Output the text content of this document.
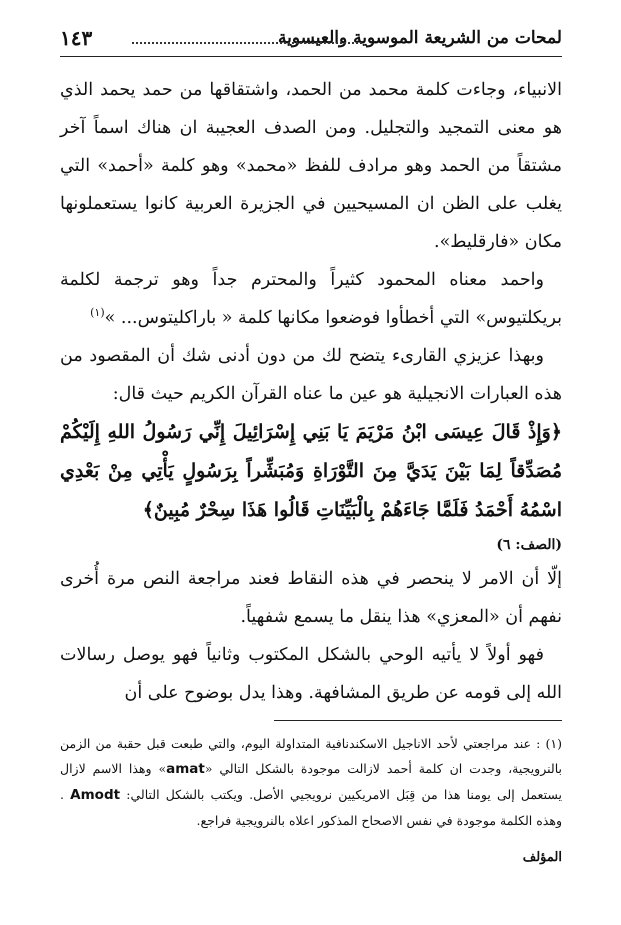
لمحات من الشريعة الموسوية والعيسوية
١٤٣

الانبياء، وجاءت كلمة محمد من الحمد، واشتقاقها من حمد يحمد الذي هو معنى التمجيد والتجليل. ومن الصدف العجيبة ان هناك اسماً آخر مشتقاً من الحمد وهو مرادف للفظ «محمد» وهو كلمة «أحمد» التي يغلب على الظن ان المسيحيين في الجزيرة العربية كانوا يستعملونها مكان «فارقليط».

واحمد معناه المحمود كثيراً والمحترم جداً وهو ترجمة لكلمة بريكلتيوس» التي أخطأوا فوضعوا مكانها كلمة « باراكليتوس... »$^{(١)}$

وبهذا عزيزي القارىء يتضح لك من دون أدنى شك أن المقصود من هذه العبارات الانجيلية هو عين ما عناه القرآن الكريم حيث قال:

﴿وَإِذْ قَالَ عِيسَى ابْنُ مَرْيَمَ يَا بَنِي إِسْرَائِيلَ إِنِّي رَسُولُ اللهِ إِلَيْكُمْ مُصَدِّقاً لِمَا بَيْنَ يَدَيَّ مِنَ التَّوْرَاةِ وَمُبَشِّراً بِرَسُولٍ يَأْتِي مِنْ بَعْدِي اسْمُهُ أَحْمَدُ فَلَمَّا جَاءَهُمْ بِالْبَيِّنَاتِ قَالُوا هَذَا سِحْرٌ مُبِينٌ﴾

(الصف: ٦)

إلّا أن الامر لا ينحصر في هذه النقاط فعند مراجعة النص مرة أُخرى نفهم أن «المعزي» هذا ينقل ما يسمع شفهياً.

فهو أولاً لا يأتيه الوحي بالشكل المكتوب وثانياً فهو يوصل رسالات الله إلى قومه عن طريق المشافهة. وهذا يدل بوضوح على أن

(١) : عند مراجعتي لأحد الاناجيل الاسكندنافية المتداولة اليوم، والتي طبعت قبل حقبة من الزمن بالنرويجية، وجدت ان كلمة أحمد لازالت موجودة بالشكل التالي «amat» وهذا الاسم لازال يستعمل إلى يومنا هذا من قِبَل الامريكيين نرويجيي الأصل. ويكتب بالشكل التالي: Amodt . وهذه الكلمة موجودة في نفس الاصحاح المذكور اعلاه بالنرويجية فراجع.

المؤلف
